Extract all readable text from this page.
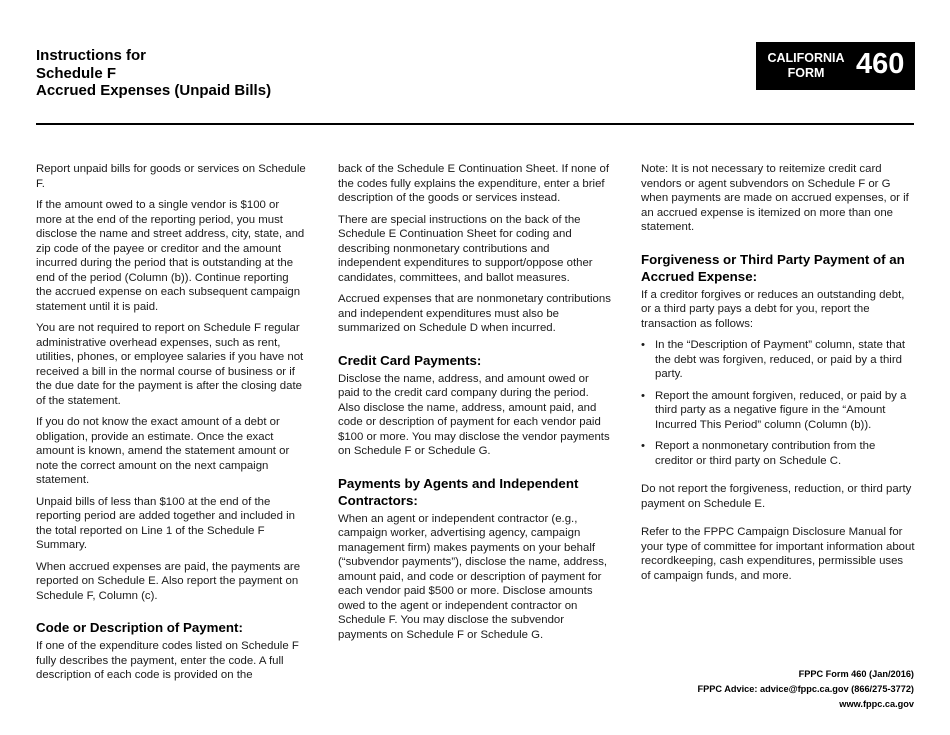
Instructions for
Schedule F
Accrued Expenses (Unpaid Bills)
CALIFORNIA
FORM	460

Report unpaid bills for goods or services on Schedule F.

If the amount owed to a single vendor is $100 or more at the end of the reporting period, you must disclose the name and street address, city, state, and zip code of the payee or creditor and the amount incurred during the period that is outstanding at the end of the period (Column (b)). Continue reporting the accrued expense on each subsequent campaign statement until it is paid.

You are not required to report on Schedule F regular administrative overhead expenses, such as rent, utilities, phones, or employee salaries if you have not received a bill in the normal course of business or if the due date for the payment is after the closing date of the statement.

If you do not know the exact amount of a debt or obligation, provide an estimate. Once the exact amount is known, amend the statement amount or note the correct amount on the next campaign statement.

Unpaid bills of less than $100 at the end of the reporting period are added together and included in the total reported on Line 1 of the Schedule F Summary.

When accrued expenses are paid, the payments are reported on Schedule E. Also report the payment on Schedule F, Column (c).

Code or Description of Payment:

If one of the expenditure codes listed on Schedule F fully describes the payment, enter the code. A full description of each code is provided on the

back of the Schedule E Continuation Sheet. If none of the codes fully explains the expenditure, enter a brief description of the goods or services instead.

There are special instructions on the back of the Schedule E Continuation Sheet for coding and describing nonmonetary contributions and independent expenditures to support/oppose other candidates, committees, and ballot measures.

Accrued expenses that are nonmonetary contributions and independent expenditures must also be summarized on Schedule D when incurred.

Credit Card Payments:

Disclose the name, address, and amount owed or paid to the credit card company during the period. Also disclose the name, address, amount paid, and code or description of payment for each vendor paid $100 or more. You may disclose the vendor payments on Schedule F or Schedule G.

Payments by Agents and Independent Contractors:

When an agent or independent contractor (e.g., campaign worker, advertising agency, campaign management firm) makes payments on your behalf (“subvendor payments”), disclose the name, address, amount paid, and code or description of payment for each vendor paid $500 or more. Disclose amounts owed to the agent or independent contractor on Schedule F. You may disclose the subvendor payments on Schedule F or Schedule G.

Note: It is not necessary to reitemize credit card vendors or agent subvendors on Schedule F or G when payments are made on accrued expenses, or if an accrued expense is itemized on more than one statement.

Forgiveness or Third Party Payment of an Accrued Expense:

If a creditor forgives or reduces an outstanding debt, or a third party pays a debt for you, report the transaction as follows:

• In the “Description of Payment” column, state that the debt was forgiven, reduced, or paid by a third party.
• Report the amount forgiven, reduced, or paid by a third party as a negative figure in the “Amount Incurred This Period” column (Column (b)).
• Report a nonmonetary contribution from the creditor or third party on Schedule C.

Do not report the forgiveness, reduction, or third party payment on Schedule E.

Refer to the FPPC Campaign Disclosure Manual for your type of committee for important information about recordkeeping, cash expenditures, permissible uses of campaign funds, and more.

FPPC Form 460 (Jan/2016)
FPPC Advice: advice@fppc.ca.gov (866/275-3772)
www.fppc.ca.gov
